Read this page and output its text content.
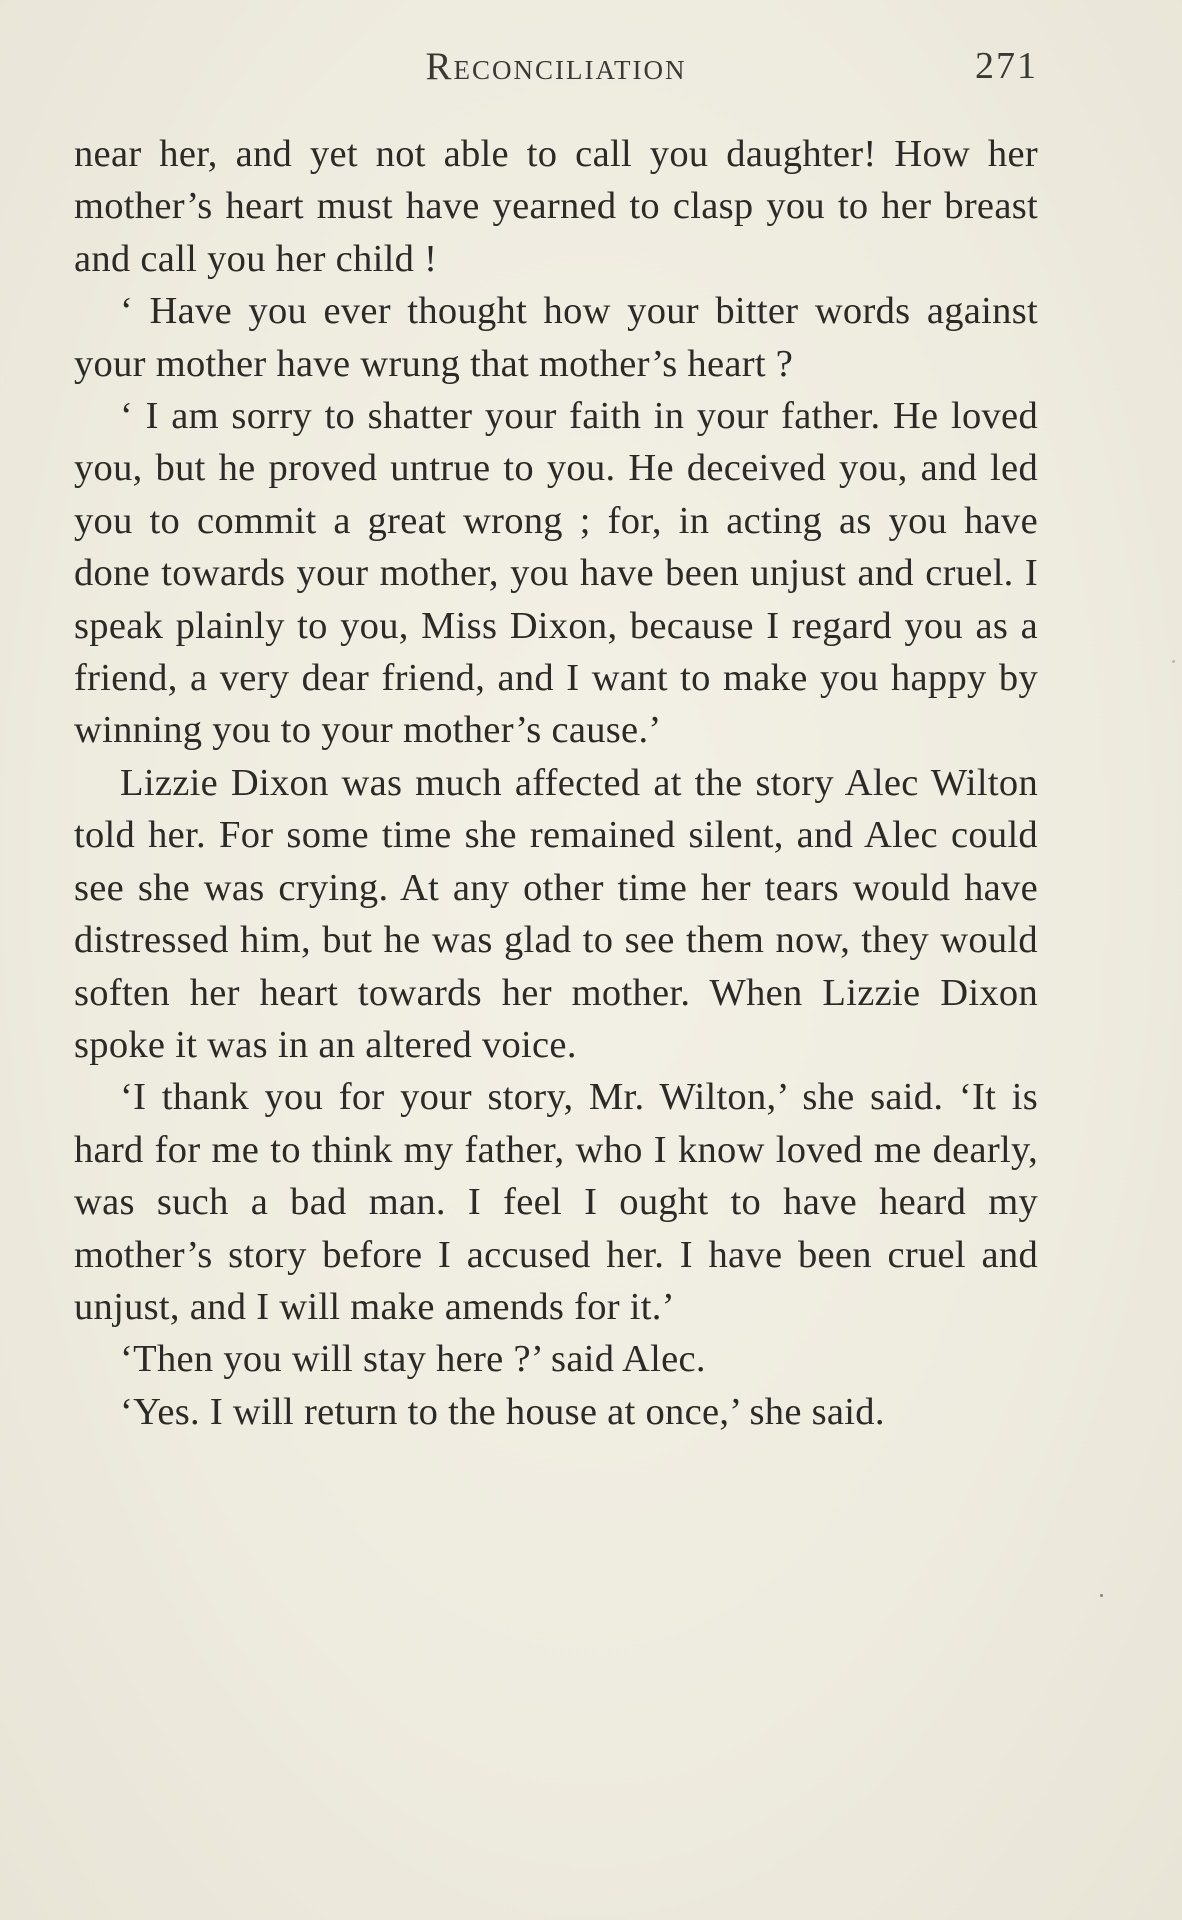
Reconciliation	271

near her, and yet not able to call you daughter! How her mother’s heart must have yearned to clasp you to her breast and call you her child !

‘ Have you ever thought how your bitter words against your mother have wrung that mother’s heart ?

‘ I am sorry to shatter your faith in your father. He loved you, but he proved untrue to you. He deceived you, and led you to commit a great wrong ; for, in acting as you have done towards your mother, you have been unjust and cruel. I speak plainly to you, Miss Dixon, because I regard you as a friend, a very dear friend, and I want to make you happy by winning you to your mother’s cause.’

Lizzie Dixon was much affected at the story Alec Wilton told her. For some time she remained silent, and Alec could see she was crying. At any other time her tears would have distressed him, but he was glad to see them now, they would soften her heart towards her mother. When Lizzie Dixon spoke it was in an altered voice.

‘I thank you for your story, Mr. Wilton,’ she said. ‘It is hard for me to think my father, who I know loved me dearly, was such a bad man. I feel I ought to have heard my mother’s story before I accused her. I have been cruel and unjust, and I will make amends for it.’

‘Then you will stay here ?’ said Alec.

‘Yes. I will return to the house at once,’ she said.
